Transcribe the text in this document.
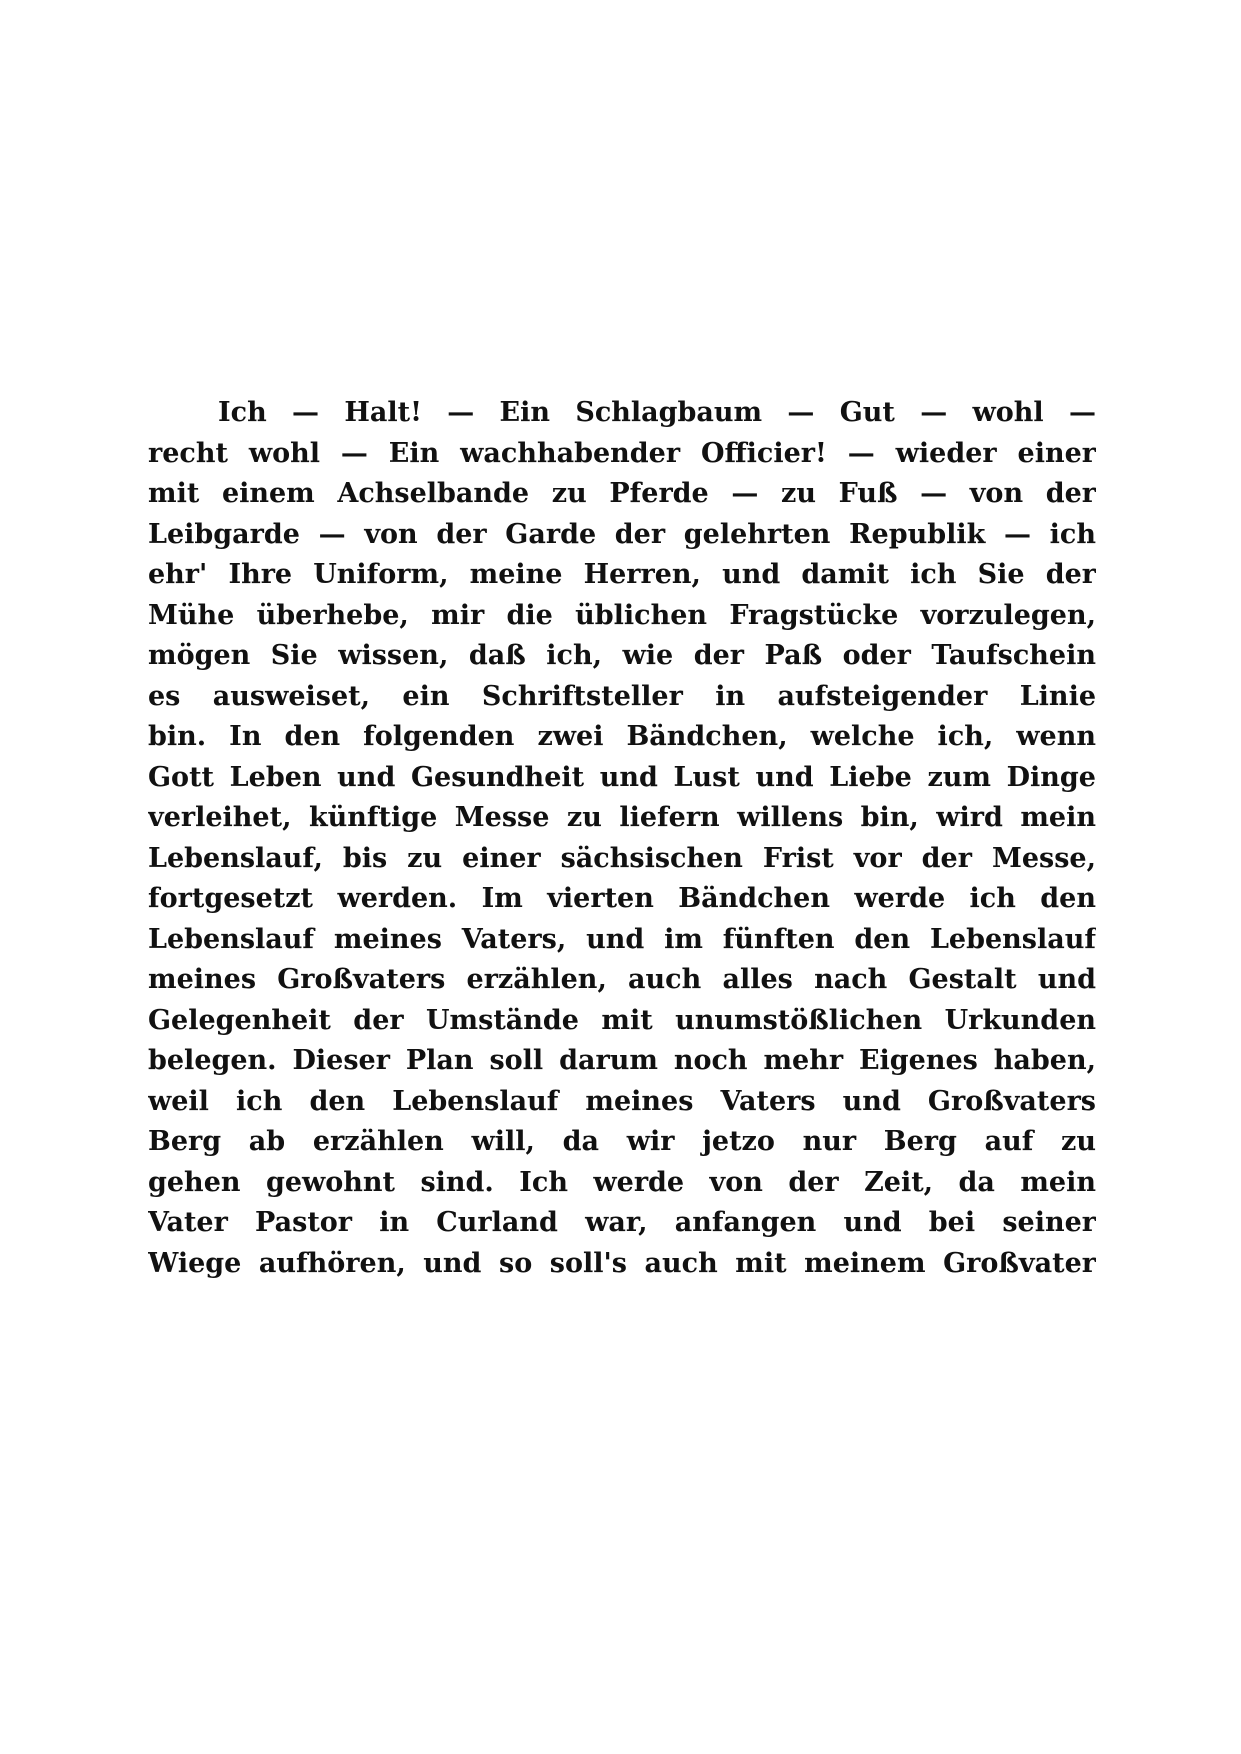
Ich — Halt! — Ein Schlagbaum — Gut — wohl —
recht wohl — Ein wachhabender Officier! — wieder einer
mit einem Achselbande zu Pferde — zu Fuß — von der
Leibgarde — von der Garde der gelehrten Republik — ich
ehr' Ihre Uniform, meine Herren, und damit ich Sie der
Mühe überhebe, mir die üblichen Fragstücke vorzulegen,
mögen Sie wissen, daß ich, wie der Paß oder Taufschein
es ausweiset, ein Schriftsteller in aufsteigender Linie
bin. In den folgenden zwei Bändchen, welche ich, wenn
Gott Leben und Gesundheit und Lust und Liebe zum Dinge
verleihet, künftige Messe zu liefern willens bin, wird mein
Lebenslauf, bis zu einer sächsischen Frist vor der Messe,
fortgesetzt werden. Im vierten Bändchen werde ich den
Lebenslauf meines Vaters, und im fünften den Lebenslauf
meines Großvaters erzählen, auch alles nach Gestalt und
Gelegenheit der Umstände mit unumstößlichen Urkunden
belegen. Dieser Plan soll darum noch mehr Eigenes haben,
weil ich den Lebenslauf meines Vaters und Großvaters
Berg ab erzählen will, da wir jetzo nur Berg auf zu
gehen gewohnt sind. Ich werde von der Zeit, da mein
Vater Pastor in Curland war, anfangen und bei seiner
Wiege aufhören, und so soll's auch mit meinem Großvater
